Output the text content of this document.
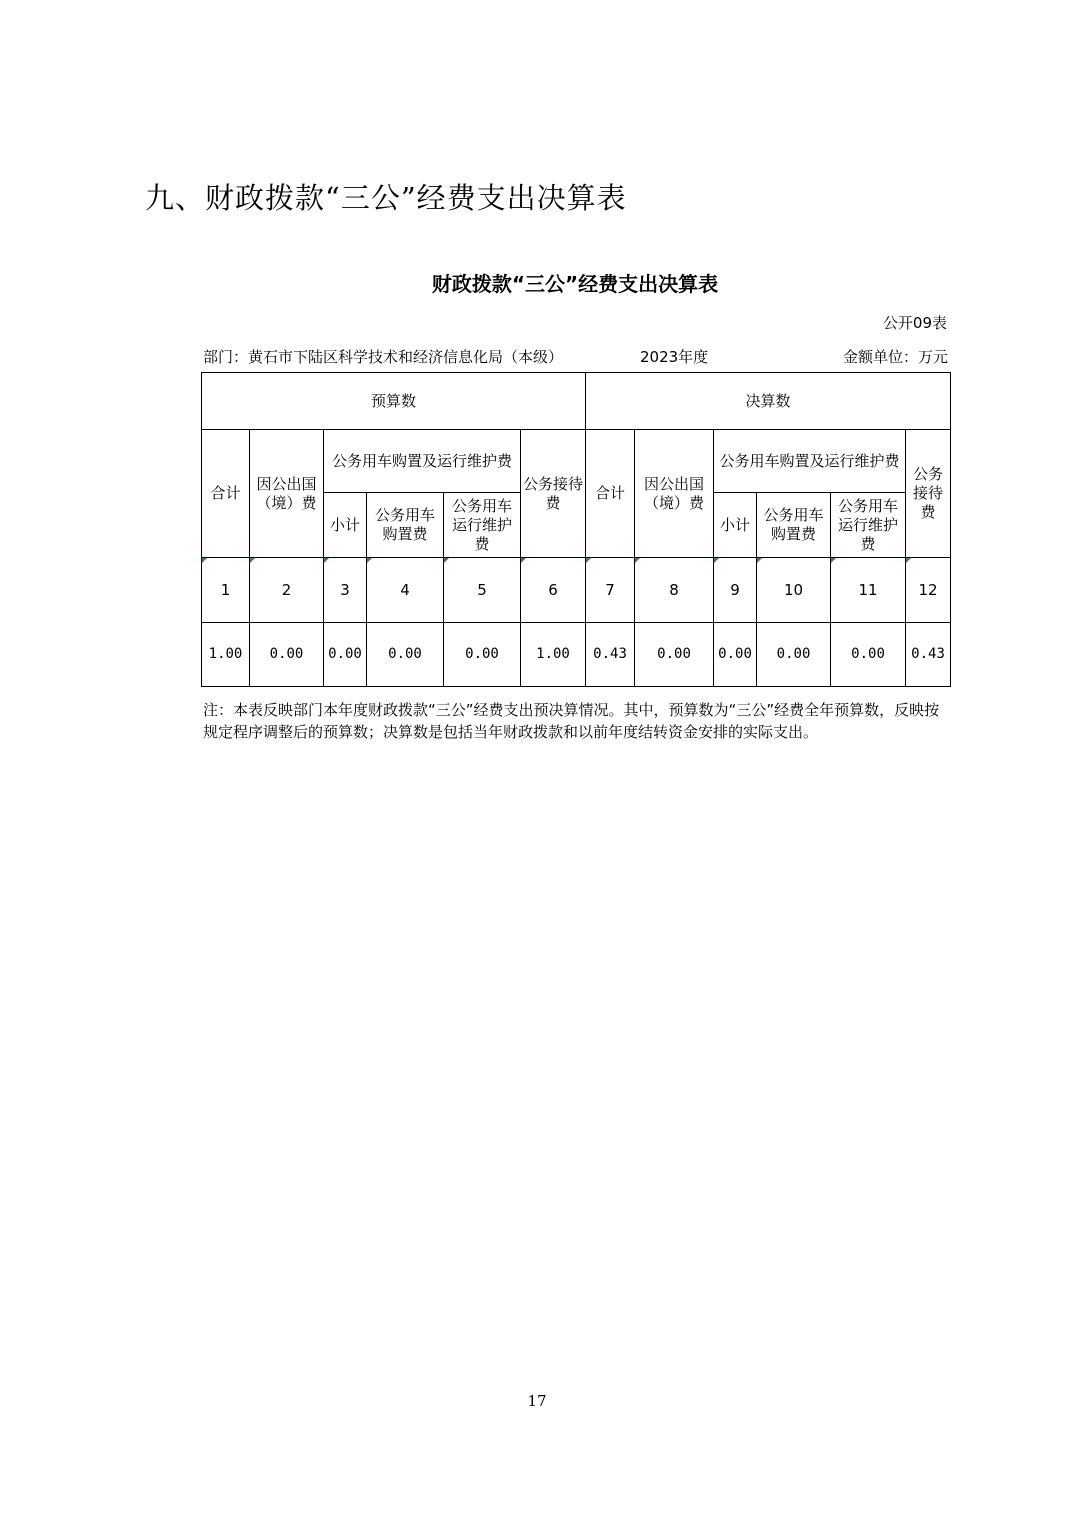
九、财政拨款“三公”经费支出决算表
财政拨款“三公”经费支出决算表
公开09表
部门：黄石市下陆区科学技术和经济信息化局（本级）	2023年度	金额单位：万元
预算数						决算数					
合计	因公出国（境）费	公务用车购置及运行维护费			公务接待费	合计	因公出国（境）费	公务用车购置及运行维护费			公务接待费
		小计	公务用车购置费	公务用车运行维护费				小计	公务用车购置费	公务用车运行维护费	
1	2	3	4	5	6	7	8	9	10	11	12
1.00	0.00	0.00	0.00	0.00	1.00	0.43	0.00	0.00	0.00	0.00	0.43
注：本表反映部门本年度财政拨款“三公”经费支出预决算情况。其中，预算数为“三公”经费全年预算数，反映按规定程序调整后的预算数；决算数是包括当年财政拨款和以前年度结转资金安排的实际支出。
17
